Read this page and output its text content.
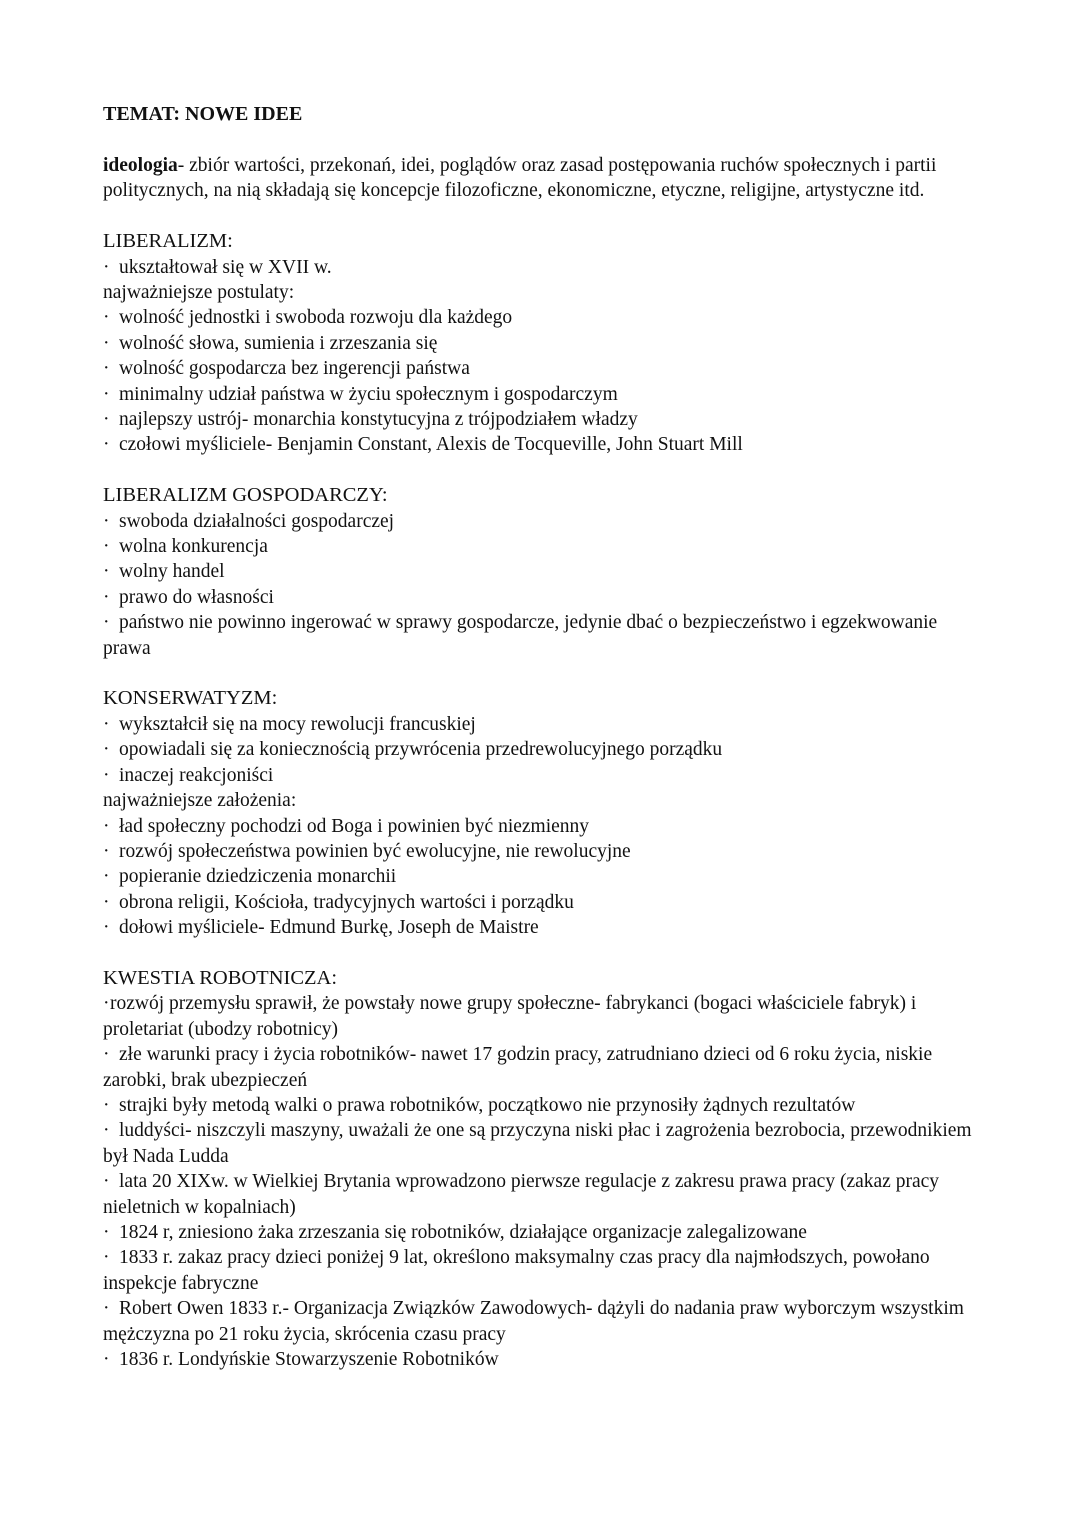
TEMAT: NOWE IDEE
ideologia- zbiór wartości, przekonań, idei, poglądów oraz zasad postępowania ruchów społecznych i partii politycznych, na nią składają się koncepcje filozoficzne, ekonomiczne, etyczne, religijne, artystyczne itd.
LIBERALIZM:
· ukształtował się w XVII w.
najważniejsze postulaty:
· wolność jednostki i swoboda rozwoju dla każdego
· wolność słowa, sumienia i zrzeszania się
· wolność gospodarcza bez ingerencji państwa
· minimalny udział państwa w życiu społecznym i gospodarczym
· najlepszy ustrój- monarchia konstytucyjna z trójpodziałem władzy
· czołowi myśliciele- Benjamin Constant, Alexis de Tocqueville, John Stuart Mill
LIBERALIZM GOSPODARCZY:
· swoboda działalności gospodarczej
· wolna konkurencja
· wolny handel
· prawo do własności
· państwo nie powinno ingerować w sprawy gospodarcze, jedynie dbać o bezpieczeństwo i egzekwowanie prawa
KONSERWATYZM:
· wykształcił się na mocy rewolucji francuskiej
· opowiadali się za koniecznością przywrócenia przedrewolucyjnego porządku
· inaczej reakcjoniści
najważniejsze założenia:
· ład społeczny pochodzi od Boga i powinien być niezmienny
· rozwój społeczeństwa powinien być ewolucyjne, nie rewolucyjne
· popieranie dziedziczenia monarchii
· obrona religii, Kościoła, tradycyjnych wartości i porządku
· dołowi myśliciele- Edmund Burkę, Joseph de Maistre
KWESTIA ROBOTNICZA:
· rozwój przemysłu sprawił, że powstały nowe grupy społeczne- fabrykanci (bogaci właściciele fabryk) i proletariat (ubodzy robotnicy)
· złe warunki pracy i życia robotników- nawet 17 godzin pracy, zatrudniano dzieci od 6 roku życia, niskie zarobki, brak ubezpieczeń
· strajki były metodą walki o prawa robotników, początkowo nie przynosiły żądnych rezultatów
· luddyści- niszczyli maszyny, uważali że one są przyczyna niski płac i zagrożenia bezrobocia, przewodnikiem był Nada Ludda
· lata 20 XIXw. w Wielkiej Brytania wprowadzono pierwsze regulacje z zakresu prawa pracy (zakaz pracy nieletnich w kopalniach)
· 1824 r, zniesiono żaka zrzeszania się robotników, działające organizacje zalegalizowane
· 1833 r. zakaz pracy dzieci poniżej 9 lat, określono maksymalny czas pracy dla najmłodszych, powołano inspekcje fabryczne
· Robert Owen 1833 r.- Organizacja Związków Zawodowych- dążyli do nadania praw wyborczym wszystkim mężczyzna po 21 roku życia, skrócenia czasu pracy
· 1836 r. Londyńskie Stowarzyszenie Robotników
